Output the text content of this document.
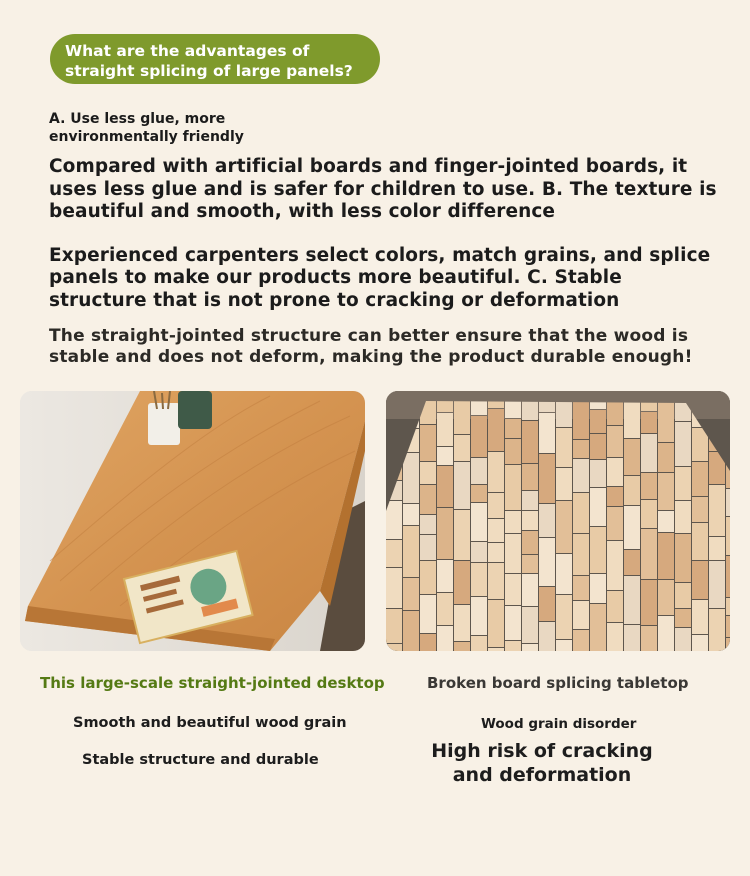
What are the advantages of
straight splicing of large panels?
A. Use less glue, more
environmentally friendly
Compared with artificial boards and finger-jointed boards, it
uses less glue and is safer for children to use. B. The texture is
beautiful and smooth, with less color difference
Experienced carpenters select colors, match grains, and splice
panels to make our products more beautiful. C. Stable
structure that is not prone to cracking or deformation
The straight-jointed structure can better ensure that the wood is
stable and does not deform, making the product durable enough!
This large-scale straight-jointed desktop	Broken board splicing tabletop
Smooth and beautiful wood grain
Stable structure and durable
Wood grain disorder
High risk of cracking
and deformation
